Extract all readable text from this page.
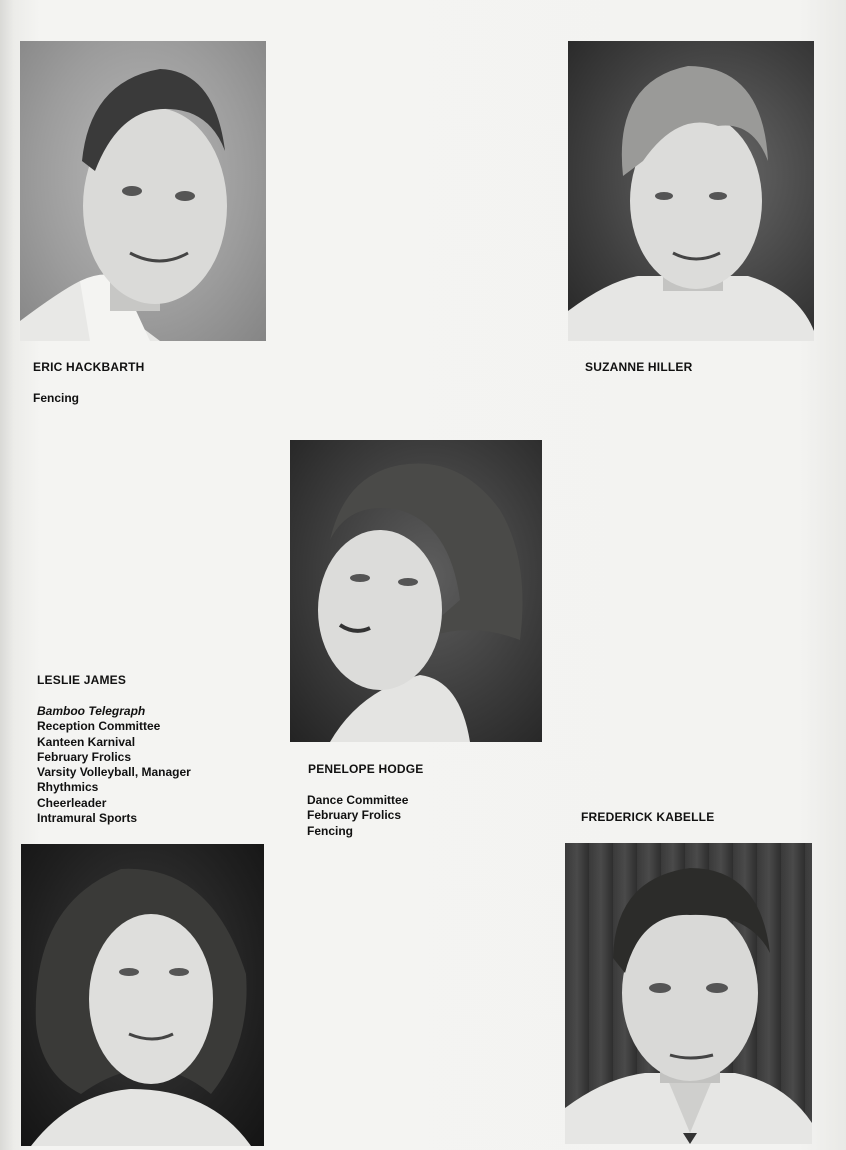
ERIC HACKBARTH
Fencing
SUZANNE HILLER
LESLIE JAMES
Bamboo Telegraph
Reception Committee
Kanteen Karnival
February Frolics
Varsity Volleyball, Manager
Rhythmics
Cheerleader
Intramural Sports
PENELOPE HODGE
Dance Committee
February Frolics
Fencing
FREDERICK KABELLE
